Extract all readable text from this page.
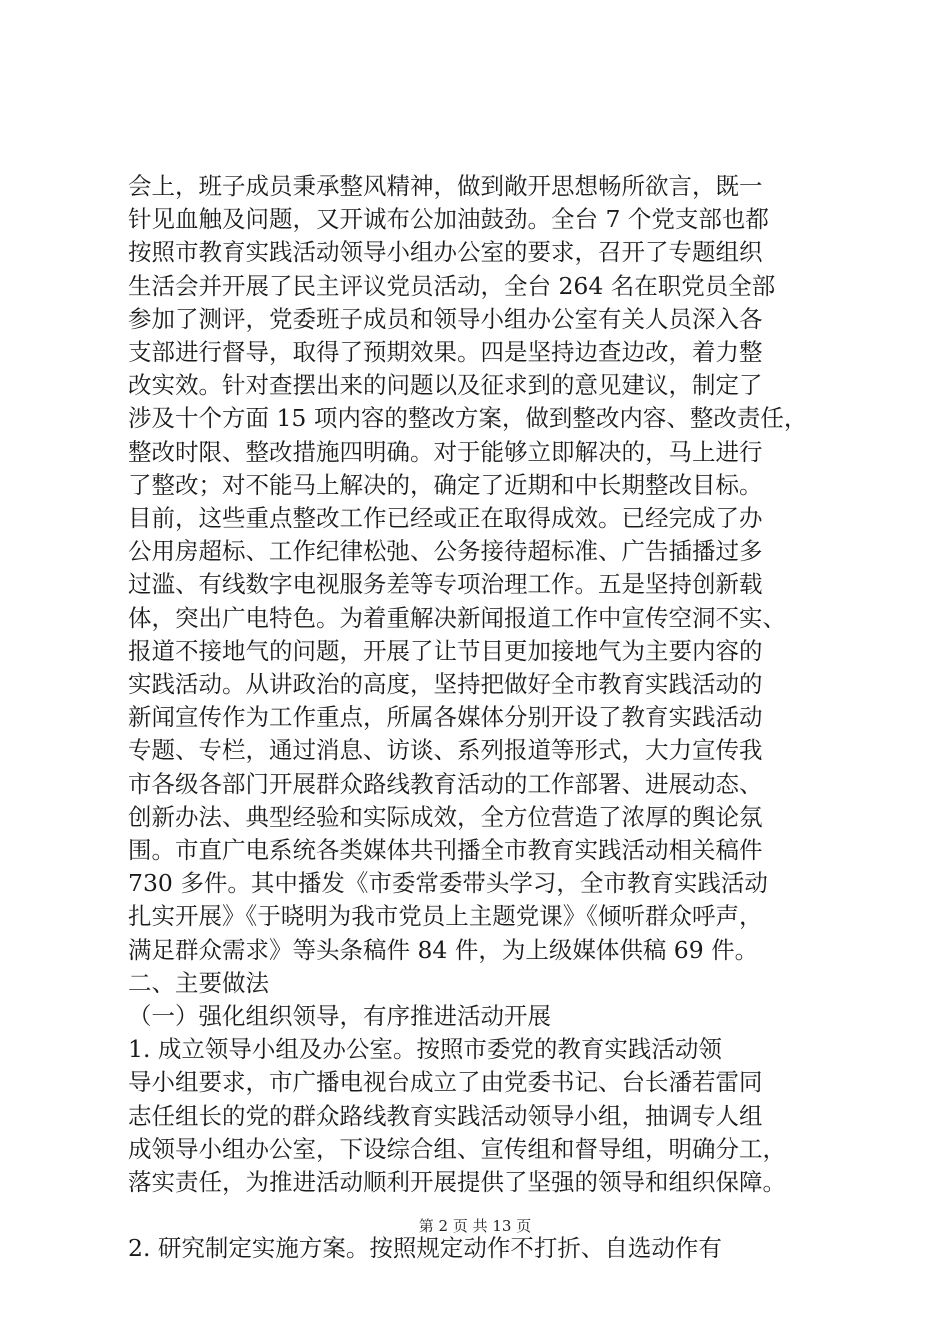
会上，班子成员秉承整风精神，做到敞开思想畅所欲言，既一
针见血触及问题，又开诚布公加油鼓劲。全台 7 个党支部也都
按照市教育实践活动领导小组办公室的要求，召开了专题组织
生活会并开展了民主评议党员活动，全台 264 名在职党员全部
参加了测评，党委班子成员和领导小组办公室有关人员深入各
支部进行督导，取得了预期效果。四是坚持边查边改，着力整
改实效。针对查摆出来的问题以及征求到的意见建议，制定了
涉及十个方面 15 项内容的整改方案，做到整改内容、整改责任，
整改时限、整改措施四明确。对于能够立即解决的，马上进行
了整改；对不能马上解决的，确定了近期和中长期整改目标。
目前，这些重点整改工作已经或正在取得成效。已经完成了办
公用房超标、工作纪律松弛、公务接待超标准、广告插播过多
过滥、有线数字电视服务差等专项治理工作。五是坚持创新载
体，突出广电特色。为着重解决新闻报道工作中宣传空洞不实、
报道不接地气的问题，开展了让节目更加接地气为主要内容的
实践活动。从讲政治的高度，坚持把做好全市教育实践活动的
新闻宣传作为工作重点，所属各媒体分别开设了教育实践活动
专题、专栏，通过消息、访谈、系列报道等形式，大力宣传我
市各级各部门开展群众路线教育活动的工作部署、进展动态、
创新办法、典型经验和实际成效，全方位营造了浓厚的舆论氛
围。市直广电系统各类媒体共刊播全市教育实践活动相关稿件
730 多件。其中播发《市委常委带头学习，全市教育实践活动
扎实开展》《于晓明为我市党员上主题党课》《倾听群众呼声，
满足群众需求》等头条稿件 84 件，为上级媒体供稿 69 件。
二、主要做法
（一）强化组织领导，有序推进活动开展
1. 成立领导小组及办公室。按照市委党的教育实践活动领
导小组要求，市广播电视台成立了由党委书记、台长潘若雷同
志任组长的党的群众路线教育实践活动领导小组，抽调专人组
成领导小组办公室，下设综合组、宣传组和督导组，明确分工，
落实责任，为推进活动顺利开展提供了坚强的领导和组织保障。
2. 研究制定实施方案。按照规定动作不打折、自选动作有
第 2 页 共 13 页
